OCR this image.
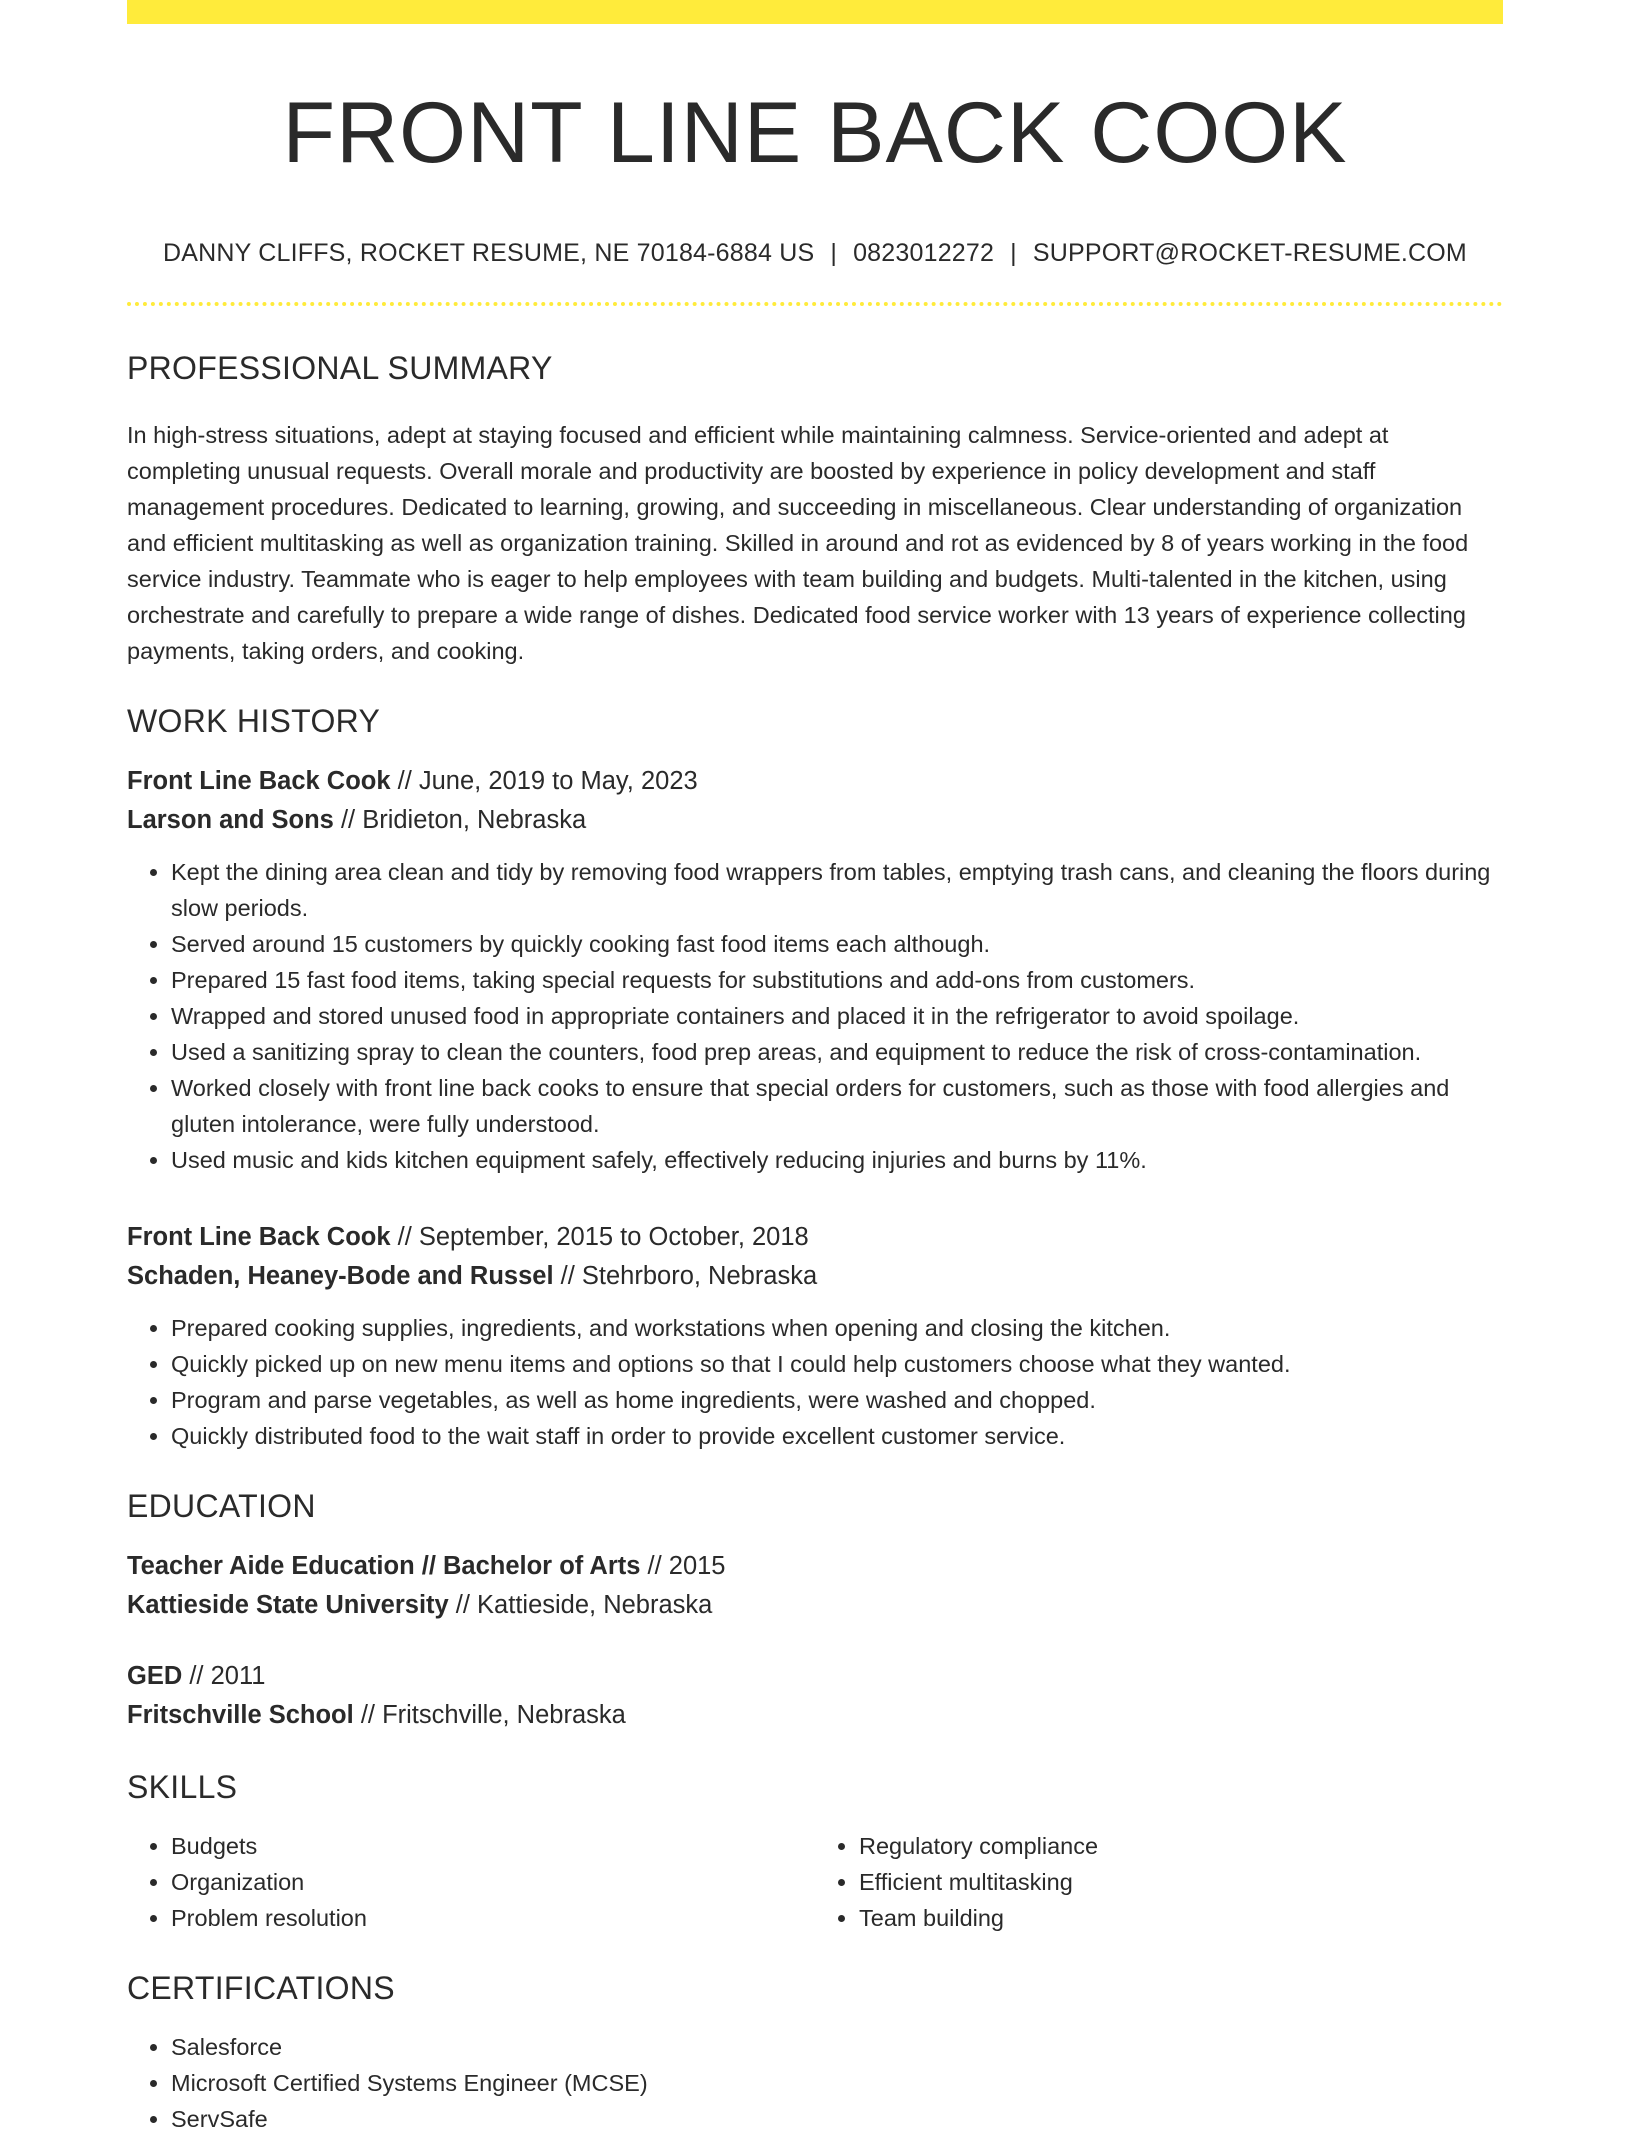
FRONT LINE BACK COOK
DANNY CLIFFS, ROCKET RESUME, NE 70184-6884 US | 0823012272 | SUPPORT@ROCKET-RESUME.COM
PROFESSIONAL SUMMARY
In high-stress situations, adept at staying focused and efficient while maintaining calmness. Service-oriented and adept at completing unusual requests. Overall morale and productivity are boosted by experience in policy development and staff management procedures. Dedicated to learning, growing, and succeeding in miscellaneous. Clear understanding of organization and efficient multitasking as well as organization training. Skilled in around and rot as evidenced by 8 of years working in the food service industry. Teammate who is eager to help employees with team building and budgets. Multi-talented in the kitchen, using orchestrate and carefully to prepare a wide range of dishes. Dedicated food service worker with 13 years of experience collecting payments, taking orders, and cooking.
WORK HISTORY
Front Line Back Cook // June, 2019 to May, 2023
Larson and Sons // Bridieton, Nebraska
• Kept the dining area clean and tidy by removing food wrappers from tables, emptying trash cans, and cleaning the floors during slow periods.
• Served around 15 customers by quickly cooking fast food items each although.
• Prepared 15 fast food items, taking special requests for substitutions and add-ons from customers.
• Wrapped and stored unused food in appropriate containers and placed it in the refrigerator to avoid spoilage.
• Used a sanitizing spray to clean the counters, food prep areas, and equipment to reduce the risk of cross-contamination.
• Worked closely with front line back cooks to ensure that special orders for customers, such as those with food allergies and gluten intolerance, were fully understood.
• Used music and kids kitchen equipment safely, effectively reducing injuries and burns by 11%.
Front Line Back Cook // September, 2015 to October, 2018
Schaden, Heaney-Bode and Russel // Stehrboro, Nebraska
• Prepared cooking supplies, ingredients, and workstations when opening and closing the kitchen.
• Quickly picked up on new menu items and options so that I could help customers choose what they wanted.
• Program and parse vegetables, as well as home ingredients, were washed and chopped.
• Quickly distributed food to the wait staff in order to provide excellent customer service.
EDUCATION
Teacher Aide Education // Bachelor of Arts // 2015
Kattieside State University // Kattieside, Nebraska
GED // 2011
Fritschville School // Fritschville, Nebraska
SKILLS
• Budgets
• Organization
• Problem resolution
• Regulatory compliance
• Efficient multitasking
• Team building
CERTIFICATIONS
• Salesforce
• Microsoft Certified Systems Engineer (MCSE)
• ServSafe
